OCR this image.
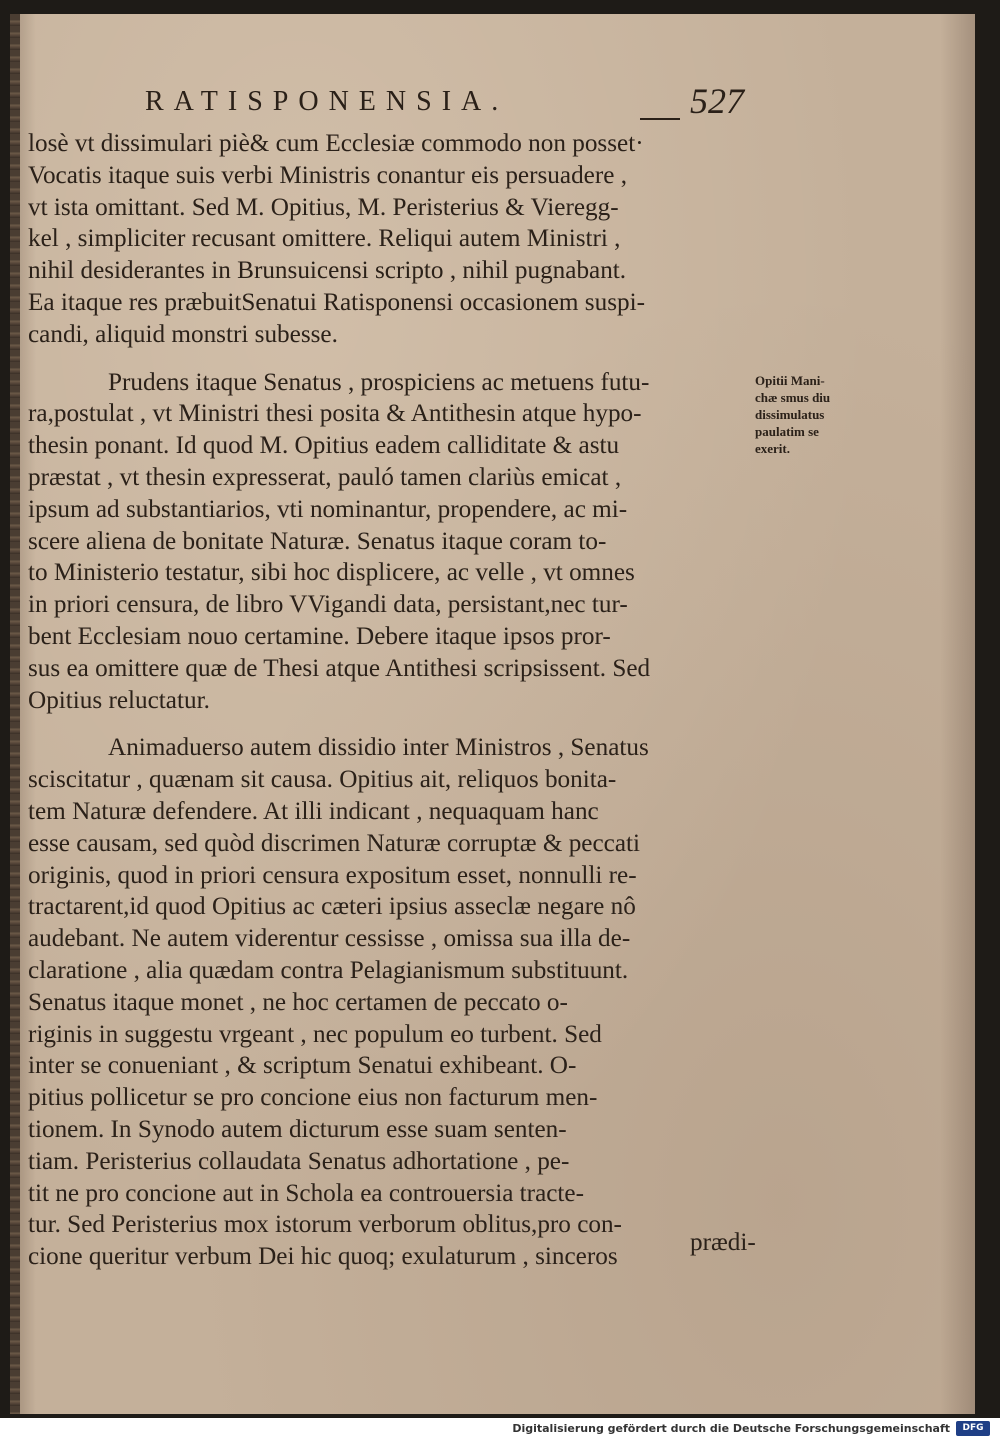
RATISPONENSIA.	527
losè vt dissimulari piè& cum Ecclesiæ commodo non posset·
Vocatis itaque suis verbi Ministris conantur eis persuadere ,
vt ista omittant. Sed M. Opitius, M. Peristerius & Vieregg-
kel , simpliciter recusant omittere. Reliqui autem Ministri ,
nihil desiderantes in Brunsuicensi scripto , nihil pugnabant.
Ea itaque res præbuitSenatui Ratisponensi occasionem suspi-
candi, aliquid monstri subesse.
Prudens itaque Senatus , prospiciens ac metuens futu-
ra,postulat , vt Ministri thesi posita & Antithesin atque hypo-
thesin ponant. Id quod M. Opitius eadem calliditate & astu
præstat , vt thesin expresserat, pauló tamen clariùs emicat ,
ipsum ad substantiarios, vti nominantur, propendere, ac mi-
scere aliena de bonitate Naturæ. Senatus itaque coram to-
to Ministerio testatur, sibi hoc displicere, ac velle , vt omnes
in priori censura, de libro VVigandi data, persistant,nec tur-
bent Ecclesiam nouo certamine. Debere itaque ipsos pror-
sus ea omittere quæ de Thesi atque Antithesi scripsissent. Sed
Opitius reluctatur.
Animaduerso autem dissidio inter Ministros , Senatus
sciscitatur , quænam sit causa. Opitius ait, reliquos bonita-
tem Naturæ defendere. At illi indicant , nequaquam hanc
esse causam, sed quòd discrimen Naturæ corruptæ & peccati
originis, quod in priori censura expositum esset, nonnulli re-
tractarent,id quod Opitius ac cæteri ipsius asseclæ negare nô
audebant. Ne autem viderentur cessisse , omissa sua illa de-
claratione , alia quædam contra Pelagianismum substituunt.
Senatus itaque monet , ne hoc certamen de peccato o-
riginis in suggestu vrgeant , nec populum eo turbent. Sed
inter se conueniant , & scriptum Senatui exhibeant. O-
pitius pollicetur se pro concione eius non facturum men-
tionem. In Synodo autem dicturum esse suam senten-
tiam. Peristerius collaudata Senatus adhortatione , pe-
tit ne pro concione aut in Schola ea controuersia tracte-
tur. Sed Peristerius mox istorum verborum oblitus,pro con-
cione queritur verbum Dei hic quoq; exulaturum , sinceros
Opitii Mani-
chæ smus diu
dissimulatus
paulatim se
exerit.
prædi-
Digitalisierung gefördert durch die Deutsche Forschungsgemeinschaft	DFG
